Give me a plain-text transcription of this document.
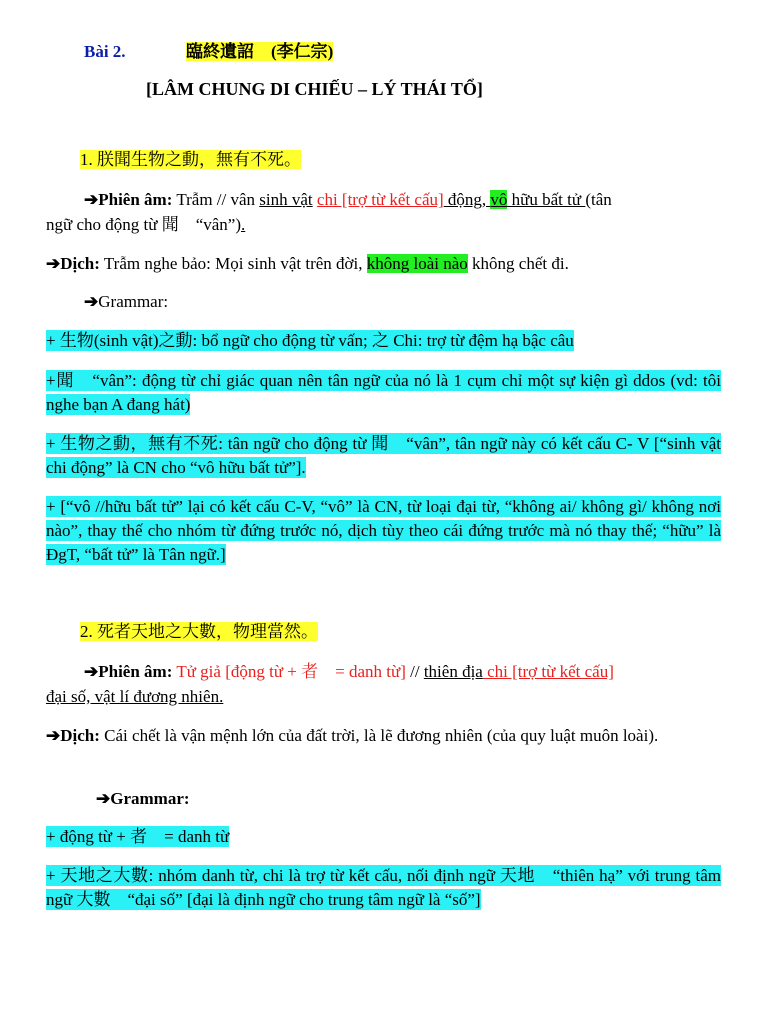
Bài 2.	臨終遺詔　(李仁宗)
[LÂM CHUNG DI CHIẾU – LÝ THÁI TỔ]
1. 朕聞生物之動，無有不死。
➔Phiên âm: Trẫm // vân sinh vật chi [trợ từ kết cấu] động, vô hữu bất tử (tân
ngữ cho động từ 聞　“vân”).
➔Dịch: Trẫm nghe bảo: Mọi sinh vật trên đời, không loài nào không chết đi.
➔Grammar:
+ 生物(sinh vật)之動: bổ ngữ cho động từ vấn; 之 Chi: trợ từ đệm hạ bậc câu
+聞　“vân”: động từ chỉ giác quan nên tân ngữ của nó là 1 cụm chỉ một sự kiện gì ddos (vd: tôi nghe bạn A đang hát)
+ 生物之動，無有不死: tân ngữ cho động từ 聞　“vân”, tân ngữ này có kết cấu C- V [“sinh vật chi động” là CN cho “vô hữu bất tử”].
+ [“vô //hữu bất tử” lại có kết cấu C-V, “vô” là CN, từ loại đại từ, “không ai/ không gì/ không nơi nào”, thay thế cho nhóm từ đứng trước nó, dịch tùy theo cái đứng trước mà nó thay thế; “hữu” là ĐgT, “bất tử” là Tân ngữ.]
2. 死者天地之大數，物理當然。
➔Phiên âm: Tử giả [động từ + 者　= danh từ] // thiên địa chi [trợ từ kết cấu]
đại số, vật lí đương nhiên.
➔Dịch: Cái chết là vận mệnh lớn của đất trời, là lẽ đương nhiên (của quy luật muôn loài).
➔Grammar:
+ động từ + 者　= danh từ
+ 天地之大數: nhóm danh từ, chi là trợ từ kết cấu, nối định ngữ 天地　“thiên hạ” với trung tâm ngữ 大數　“đại số” [đại là định ngữ cho trung tâm ngữ là “số”]
